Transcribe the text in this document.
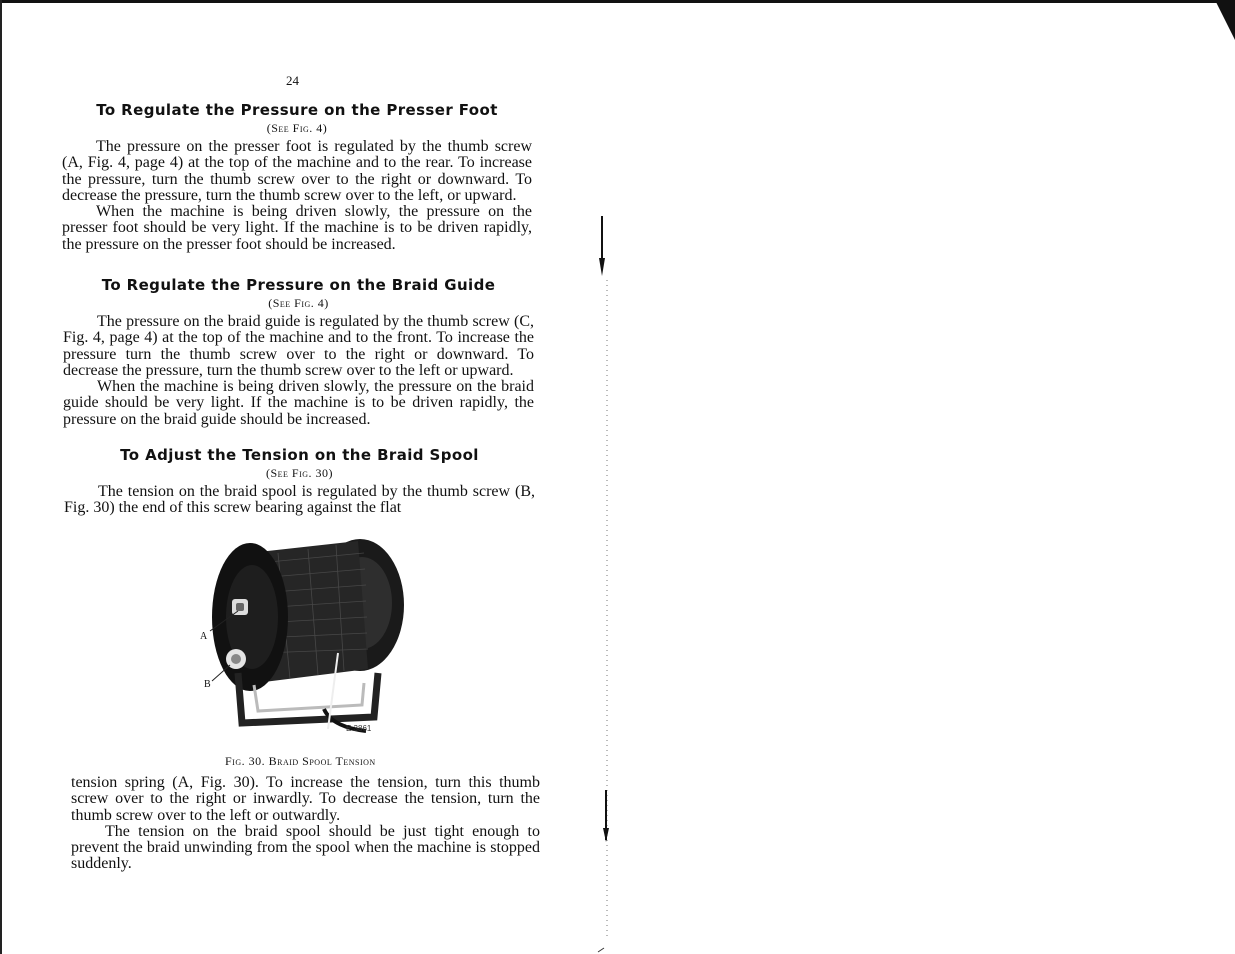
24
To Regulate the Pressure on the Presser Foot
(See Fig. 4)

The pressure on the presser foot is regulated by the thumb screw (A, Fig. 4, page 4) at the top of the machine and to the rear. To increase the pressure, turn the thumb screw over to the right or downward. To decrease the pressure, turn the thumb screw over to the left, or upward.

When the machine is being driven slowly, the pressure on the presser foot should be very light. If the machine is to be driven rapidly, the pressure on the presser foot should be increased.

To Regulate the Pressure on the Braid Guide
(See Fig. 4)

The pressure on the braid guide is regulated by the thumb screw (C, Fig. 4, page 4) at the top of the machine and to the front. To increase the pressure turn the thumb screw over to the right or downward. To decrease the pressure, turn the thumb screw over to the left or upward.

When the machine is being driven slowly, the pressure on the braid guide should be very light. If the machine is to be driven rapidly, the pressure on the braid guide should be increased.

To Adjust the Tension on the Braid Spool
(See Fig. 30)

The tension on the braid spool is regulated by the thumb screw (B, Fig. 30) the end of this screw bearing against the flat

A
B
E 3861
Fig. 30. Braid Spool Tension

tension spring (A, Fig. 30). To increase the tension, turn this thumb screw over to the right or inwardly. To decrease the tension, turn the thumb screw over to the left or outwardly.

The tension on the braid spool should be just tight enough to prevent the braid unwinding from the spool when the machine is stopped suddenly.
